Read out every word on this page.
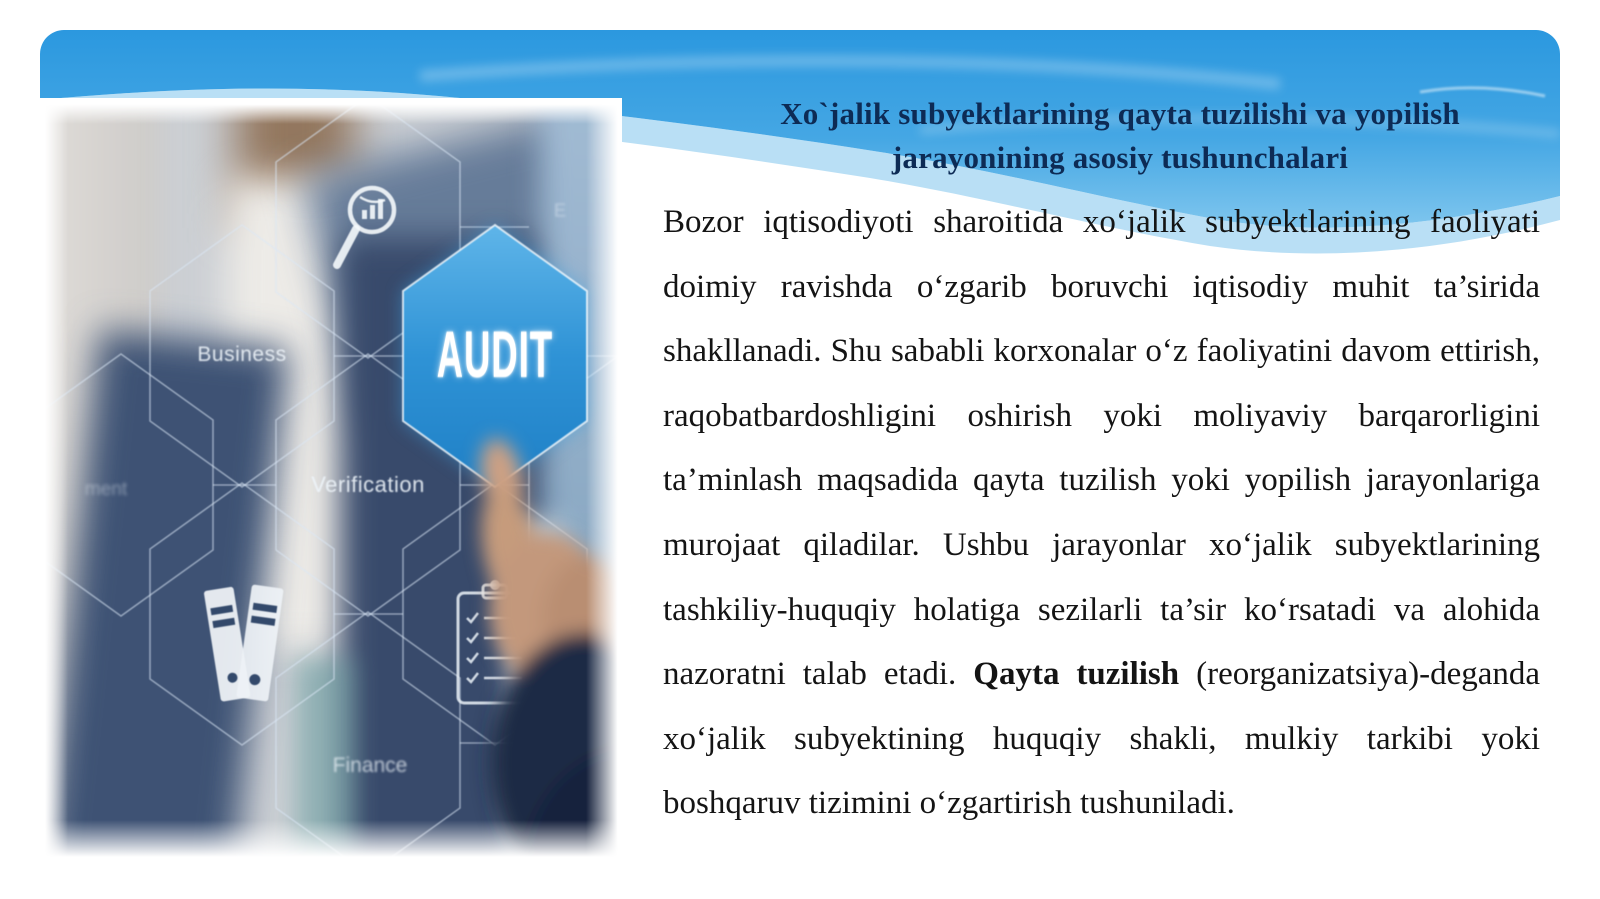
Xo`jalik subyektlarining qayta tuzilishi va yopilish
jarayonining asosiy tushunchalari
Business
Verification
Finance
ment
E
AUDIT
Bozor iqtisodiyoti sharoitida xo‘jalik subyektlarining faoliyati doimiy ravishda o‘zgarib boruvchi iqtisodiy muhit ta’sirida shakllanadi. Shu sababli korxonalar o‘z faoliyatini davom ettirish, raqobatbardoshligini oshirish yoki moliyaviy barqarorligini ta’minlash maqsadida qayta tuzilish yoki yopilish jarayonlariga murojaat qiladilar. Ushbu jarayonlar xo‘jalik subyektlarining tashkiliy-huquqiy holatiga sezilarli ta’sir ko‘rsatadi va alohida nazoratni talab etadi. Qayta tuzilish (reorganizatsiya)-deganda xo‘jalik subyektining huquqiy shakli, mulkiy tarkibi yoki boshqaruv tizimini o‘zgartirish tushuniladi.
